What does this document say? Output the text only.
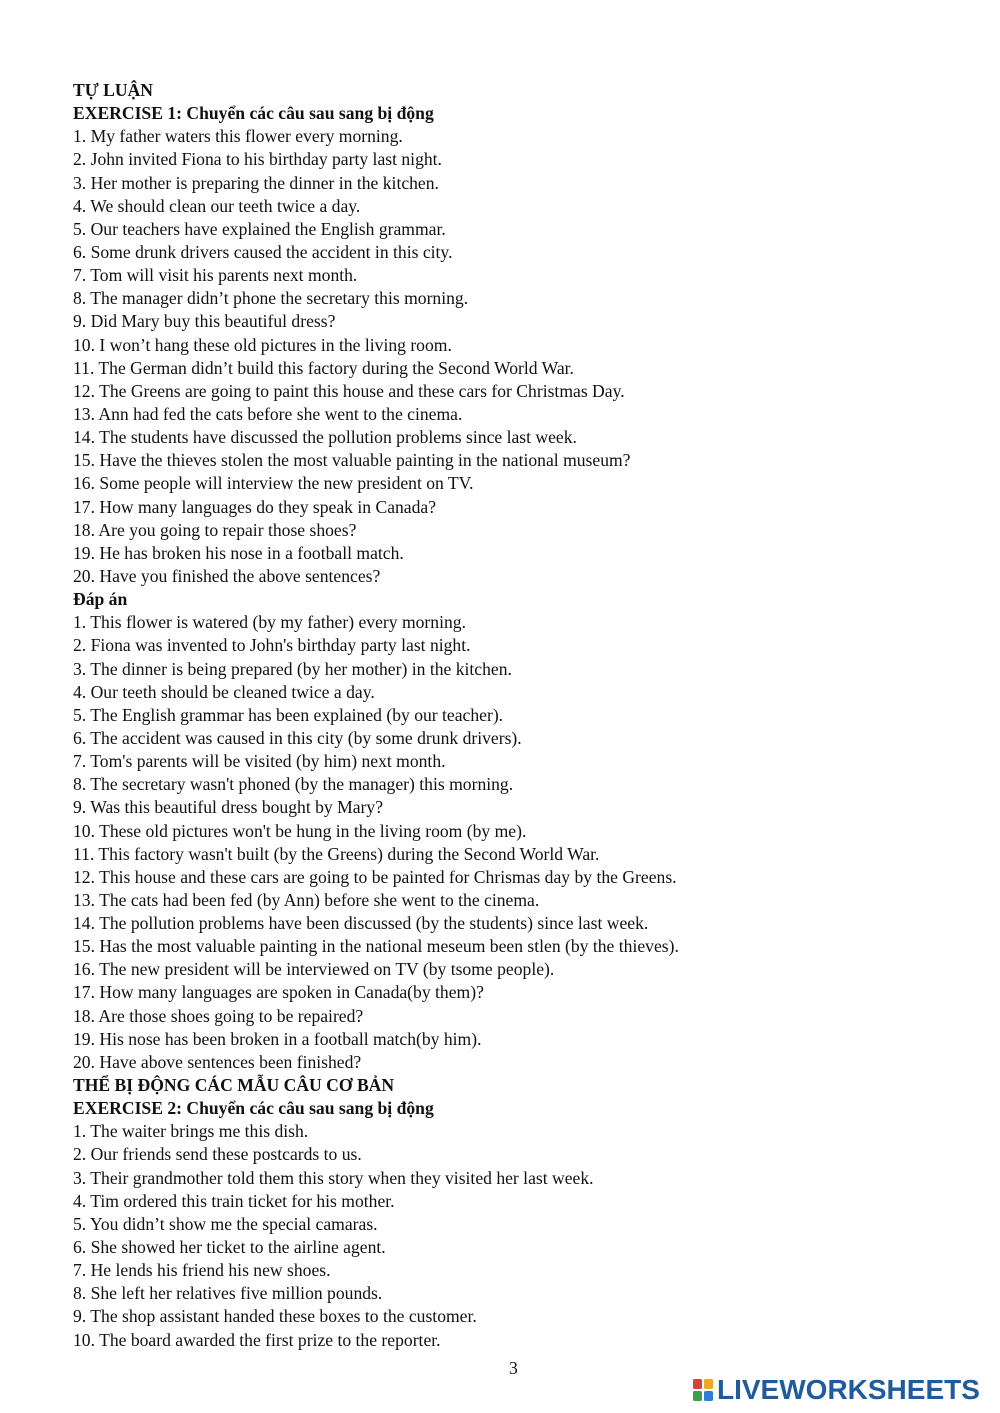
TỰ LUẬN
EXERCISE 1: Chuyển các câu sau sang bị động
1. My father waters this flower every morning.
2. John invited Fiona to his birthday party last night.
3. Her mother is preparing the dinner in the kitchen.
4. We should clean our teeth twice a day.
5. Our teachers have explained the English grammar.
6. Some drunk drivers caused the accident in this city.
7. Tom will visit his parents next month.
8. The manager didn’t phone the secretary this morning.
9. Did Mary buy this beautiful dress?
10. I won’t hang these old pictures in the living room.
11. The German didn’t build this factory during the Second World War.
12. The Greens are going to paint this house and these cars for Christmas Day.
13. Ann had fed the cats before she went to the cinema.
14. The students have discussed the pollution problems since last week.
15. Have the thieves stolen the most valuable painting in the national museum?
16. Some people will interview the new president on TV.
17. How many languages do they speak in Canada?
18. Are you going to repair those shoes?
19. He has broken his nose in a football match.
20. Have you finished the above sentences?
Đáp án
1. This flower is watered (by my father) every morning.
2. Fiona was invented to John's birthday party last night.
3. The dinner is being prepared (by her mother) in the kitchen.
4. Our teeth should be cleaned twice a day.
5. The English grammar has been explained (by our teacher).
6. The accident was caused in this city (by some drunk drivers).
7. Tom's parents will be visited (by him) next month.
8. The secretary wasn't phoned (by the manager) this morning.
9. Was this beautiful dress bought by Mary?
10. These old pictures won't be hung in the living room (by me).
11. This factory wasn't built (by the Greens) during the Second World War.
12. This house and these cars are going to be painted for Chrismas day by the Greens.
13. The cats had been fed (by Ann) before she went to the cinema.
14. The pollution problems have been discussed (by the students) since last week.
15. Has the most valuable painting in the national meseum been stlen (by the thieves).
16. The new president will be interviewed on TV (by tsome people).
17. How many languages are spoken in Canada(by them)?
18. Are those shoes going to be repaired?
19. His nose has been broken in a football match(by him).
20. Have above sentences been finished?
THỂ BỊ ĐỘNG CÁC MẪU CÂU CƠ BẢN
EXERCISE 2: Chuyển các câu sau sang bị động
1. The waiter brings me this dish.
2. Our friends send these postcards to us.
3. Their grandmother told them this story when they visited her last week.
4. Tim ordered this train ticket for his mother.
5. You didn’t show me the special camaras.
6. She showed her ticket to the airline agent.
7. He lends his friend his new shoes.
8. She left her relatives five million pounds.
9. The shop assistant handed these boxes to the customer.
10. The board awarded the first prize to the reporter.
3
LIVEWORKSHEETS
